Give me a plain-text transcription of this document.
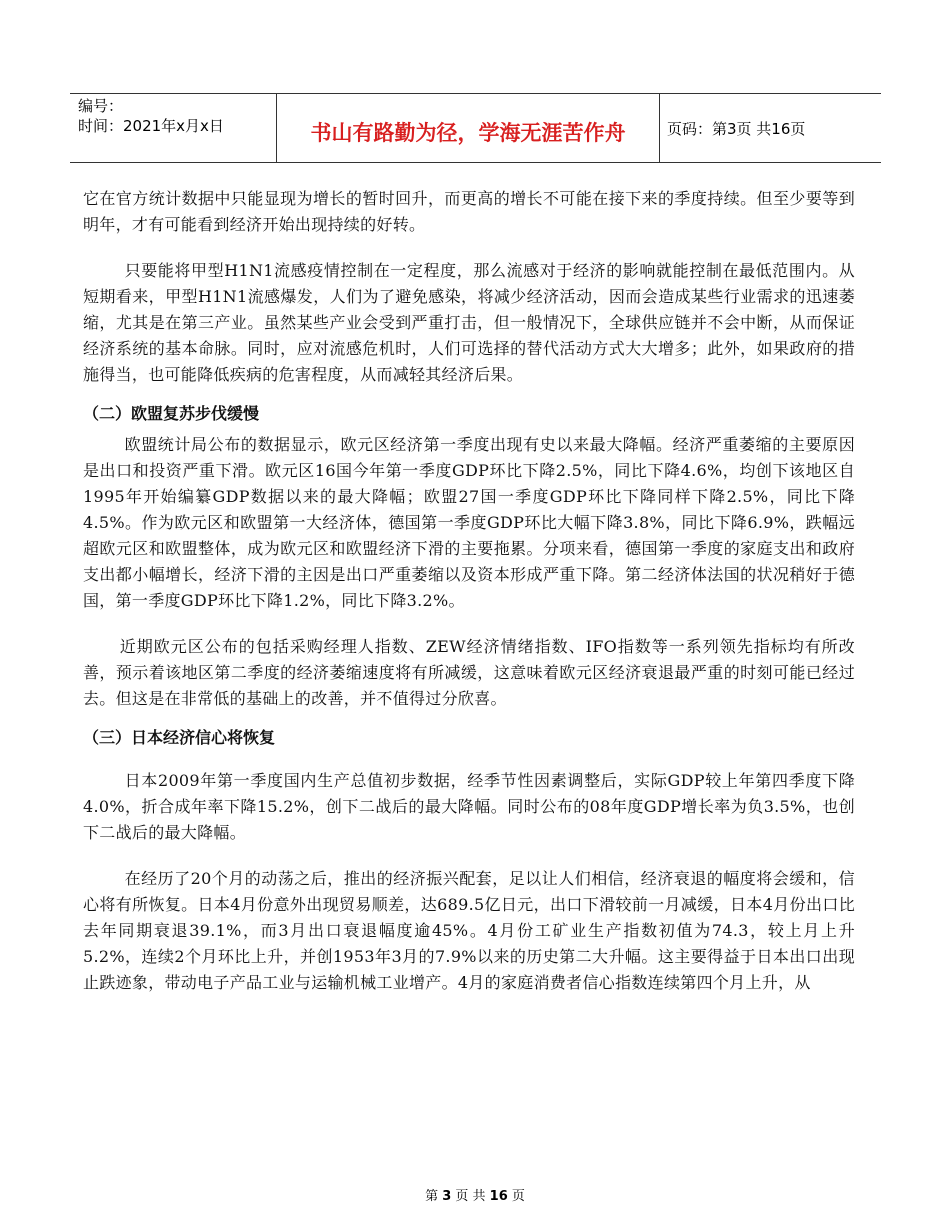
编号：
时间：2021年x月x日	书山有路勤为径，学海无涯苦作舟	页码：第3页 共16页

它在官方统计数据中只能显现为增长的暂时回升，而更高的增长不可能在接下来的季度持续。但至少要等到明年，才有可能看到经济开始出现持续的好转。

只要能将甲型H1N1流感疫情控制在一定程度，那么流感对于经济的影响就能控制在最低范围内。从短期看来，甲型H1N1流感爆发，人们为了避免感染，将减少经济活动，因而会造成某些行业需求的迅速萎缩，尤其是在第三产业。虽然某些产业会受到严重打击，但一般情况下，全球供应链并不会中断，从而保证经济系统的基本命脉。同时，应对流感危机时，人们可选择的替代活动方式大大增多；此外，如果政府的措施得当，也可能降低疾病的危害程度，从而减轻其经济后果。

（二）欧盟复苏步伐缓慢

欧盟统计局公布的数据显示，欧元区经济第一季度出现有史以来最大降幅。经济严重萎缩的主要原因是出口和投资严重下滑。欧元区16国今年第一季度GDP环比下降2.5%，同比下降4.6%，均创下该地区自1995年开始编纂GDP数据以来的最大降幅；欧盟27国一季度GDP环比下降同样下降2.5%，同比下降4.5%。作为欧元区和欧盟第一大经济体，德国第一季度GDP环比大幅下降3.8%，同比下降6.9%，跌幅远超欧元区和欧盟整体，成为欧元区和欧盟经济下滑的主要拖累。分项来看，德国第一季度的家庭支出和政府支出都小幅增长，经济下滑的主因是出口严重萎缩以及资本形成严重下降。第二经济体法国的状况稍好于德国，第一季度GDP环比下降1.2%，同比下降3.2%。

近期欧元区公布的包括采购经理人指数、ZEW经济情绪指数、IFO指数等一系列领先指标均有所改善，预示着该地区第二季度的经济萎缩速度将有所减缓，这意味着欧元区经济衰退最严重的时刻可能已经过去。但这是在非常低的基础上的改善，并不值得过分欣喜。

（三）日本经济信心将恢复

日本2009年第一季度国内生产总值初步数据，经季节性因素调整后，实际GDP较上年第四季度下降4.0%，折合成年率下降15.2%，创下二战后的最大降幅。同时公布的08年度GDP增长率为负3.5%，也创下二战后的最大降幅。

在经历了20个月的动荡之后，推出的经济振兴配套，足以让人们相信，经济衰退的幅度将会缓和，信心将有所恢复。日本4月份意外出现贸易顺差，达689.5亿日元，出口下滑较前一月减缓，日本4月份出口比去年同期衰退39.1%，而3月出口衰退幅度逾45%。4月份工矿业生产指数初值为74.3，较上月上升5.2%，连续2个月环比上升，并创1953年3月的7.9%以来的历史第二大升幅。这主要得益于日本出口出现止跌迹象，带动电子产品工业与运输机械工业增产。4月的家庭消费者信心指数连续第四个月上升，从

第 3 页 共 16 页
